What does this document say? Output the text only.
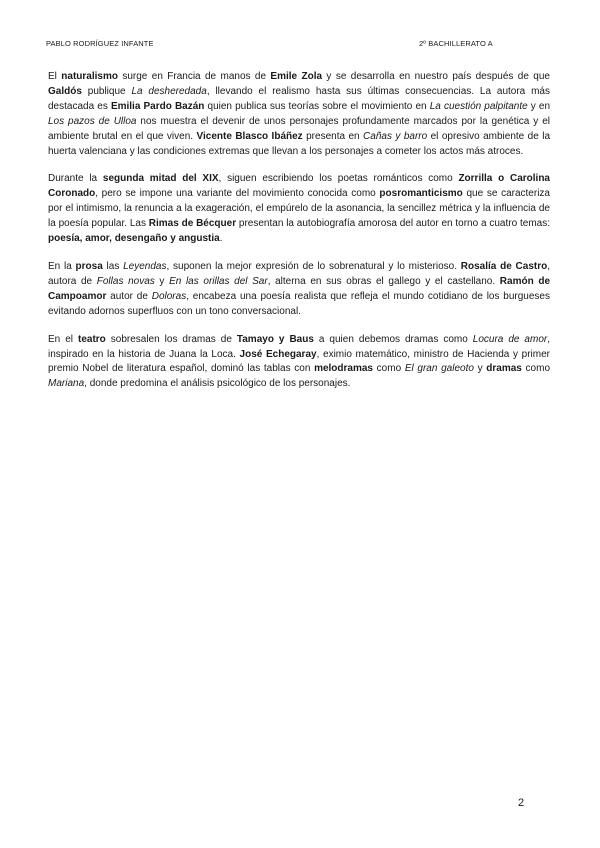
PABLO RODRÍGUEZ INFANTE	2º BACHILLERATO A

El naturalismo surge en Francia de manos de Emile Zola y se desarrolla en nuestro país después de que Galdós publique La desheredada, llevando el realismo hasta sus últimas consecuencias. La autora más destacada es Emilia Pardo Bazán quien publica sus teorías sobre el movimiento en La cuestión palpitante y en Los pazos de Ulloa nos muestra el devenir de unos personajes profundamente marcados por la genética y el ambiente brutal en el que viven. Vicente Blasco Ibáñez presenta en Cañas y barro el opresivo ambiente de la huerta valenciana y las condiciones extremas que llevan a los personajes a cometer los actos más atroces.

Durante la segunda mitad del XIX, siguen escribiendo los poetas románticos como Zorrilla o Carolina Coronado, pero se impone una variante del movimiento conocida como posromanticismo que se caracteriza por el intimismo, la renuncia a la exageración, el empúrelo de la asonancia, la sencillez métrica y la influencia de la poesía popular. Las Rimas de Bécquer presentan la autobiografía amorosa del autor en torno a cuatro temas: poesía, amor, desengaño y angustia.

En la prosa las Leyendas, suponen la mejor expresión de lo sobrenatural y lo misterioso. Rosalía de Castro, autora de Follas novas y En las orillas del Sar, alterna en sus obras el gallego y el castellano. Ramón de Campoamor autor de Doloras, encabeza una poesía realista que refleja el mundo cotidiano de los burgueses evitando adornos superfluos con un tono conversacional.

En el teatro sobresalen los dramas de Tamayo y Baus a quien debemos dramas como Locura de amor, inspirado en la historia de Juana la Loca. José Echegaray, eximio matemático, ministro de Hacienda y primer premio Nobel de literatura español, dominó las tablas con melodramas como El gran galeoto y dramas como Mariana, donde predomina el análisis psicológico de los personajes.

2
